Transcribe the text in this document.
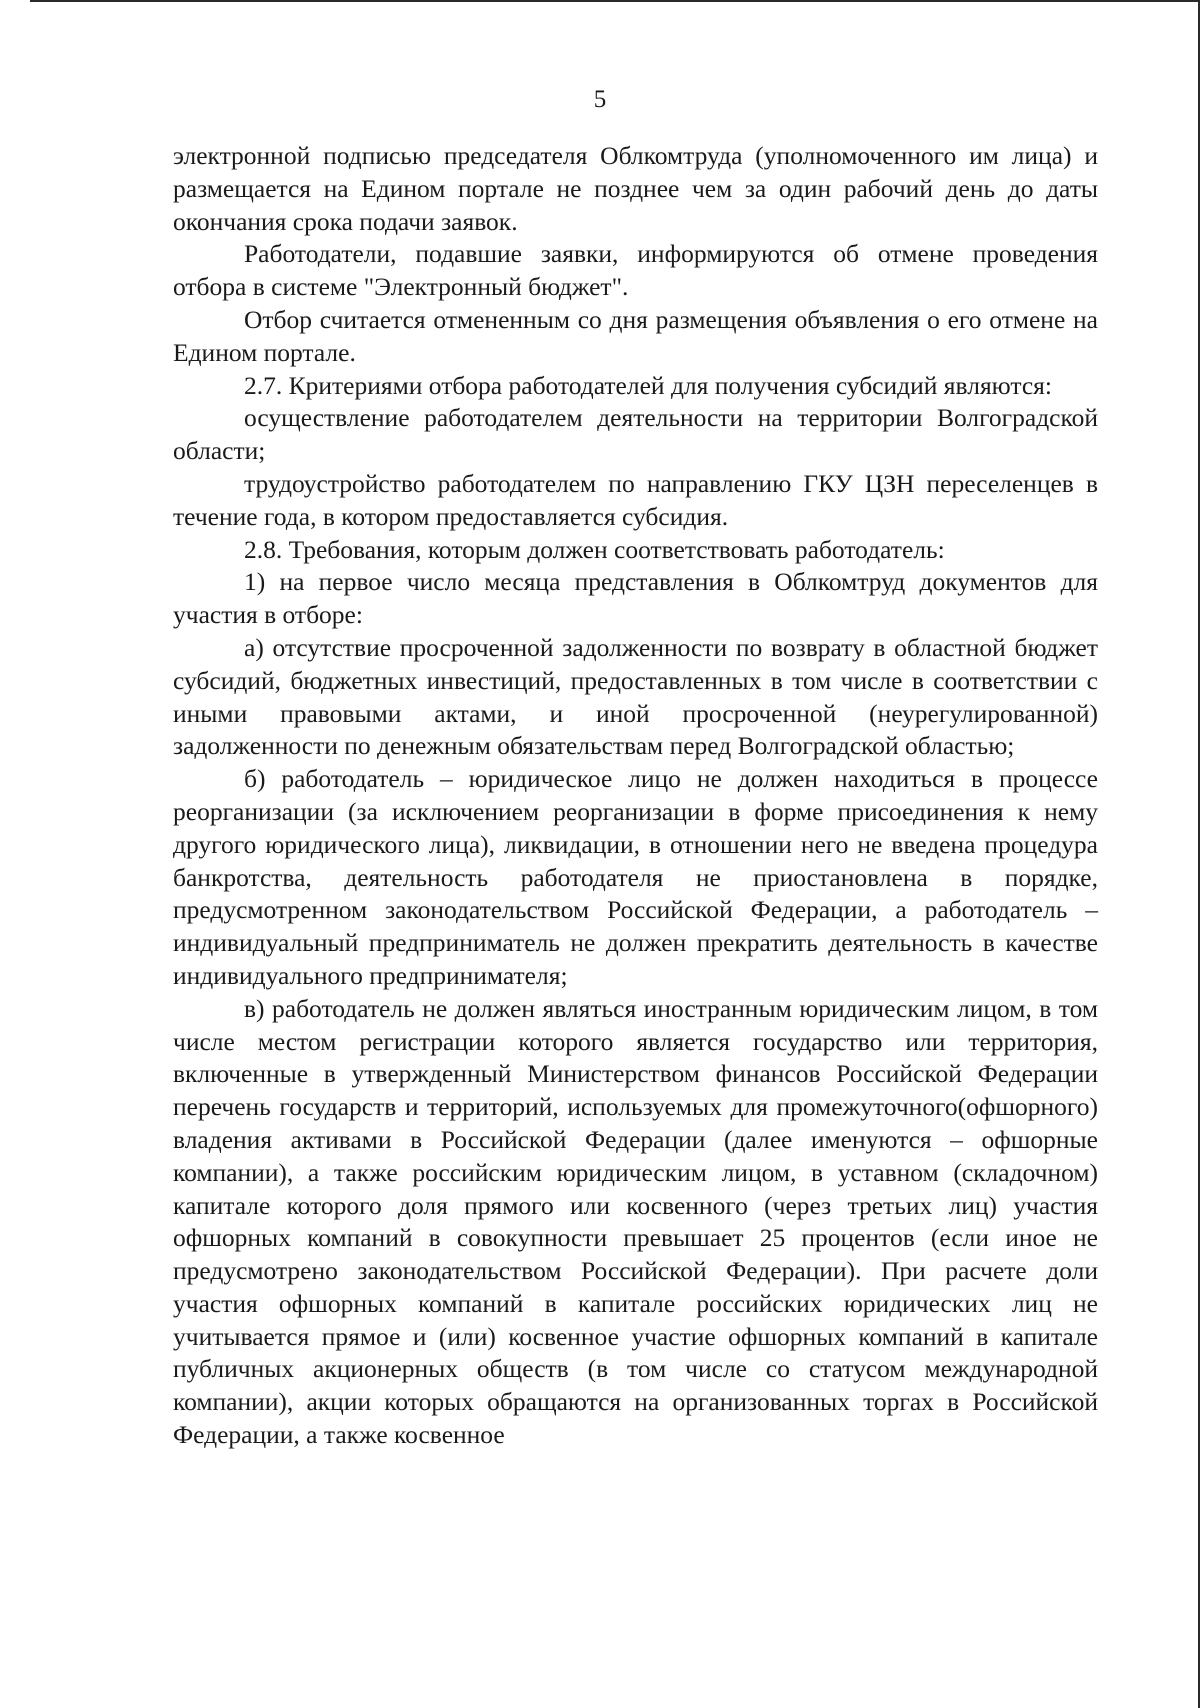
5

электронной подписью председателя Облкомтруда (уполномоченного им лица) и размещается на Едином портале не позднее чем за один рабочий день до даты окончания срока подачи заявок.

Работодатели, подавшие заявки, информируются об отмене проведения отбора в системе "Электронный бюджет".

Отбор считается отмененным со дня размещения объявления о его отмене на Едином портале.

2.7. Критериями отбора работодателей для получения субсидий являются:

осуществление работодателем деятельности на территории Волгоградской области;

трудоустройство работодателем по направлению ГКУ ЦЗН переселенцев в течение года, в котором предоставляется субсидия.

2.8. Требования, которым должен соответствовать работодатель:

1) на первое число месяца представления в Облкомтруд документов для участия в отборе:

а) отсутствие просроченной задолженности по возврату в областной бюджет субсидий, бюджетных инвестиций, предоставленных в том числе в соответствии с иными правовыми актами, и иной просроченной (неурегулированной) задолженности по денежным обязательствам перед Волгоградской областью;

б) работодатель – юридическое лицо не должен находиться в процессе реорганизации (за исключением реорганизации в форме присоединения к нему другого юридического лица), ликвидации, в отношении него не введена процедура банкротства, деятельность работодателя не приостановлена в порядке, предусмотренном законодательством Российской Федерации, а работодатель – индивидуальный предприниматель не должен прекратить деятельность в качестве индивидуального предпринимателя;

в) работодатель не должен являться иностранным юридическим лицом, в том числе местом регистрации которого является государство или территория, включенные в утвержденный Министерством финансов Российской Федерации перечень государств и территорий, используемых для промежуточного(офшорного) владения активами в Российской Федерации (далее именуются – офшорные компании), а также российским юридическим лицом, в уставном (складочном) капитале которого доля прямого или косвенного (через третьих лиц) участия офшорных компаний в совокупности превышает 25 процентов (если иное не предусмотрено законодательством Российской Федерации). При расчете доли участия офшорных компаний в капитале российских юридических лиц не учитывается прямое и (или) косвенное участие офшорных компаний в капитале публичных акционерных обществ (в том числе со статусом международной компании), акции которых обращаются на организованных торгах в Российской Федерации, а также косвенное
